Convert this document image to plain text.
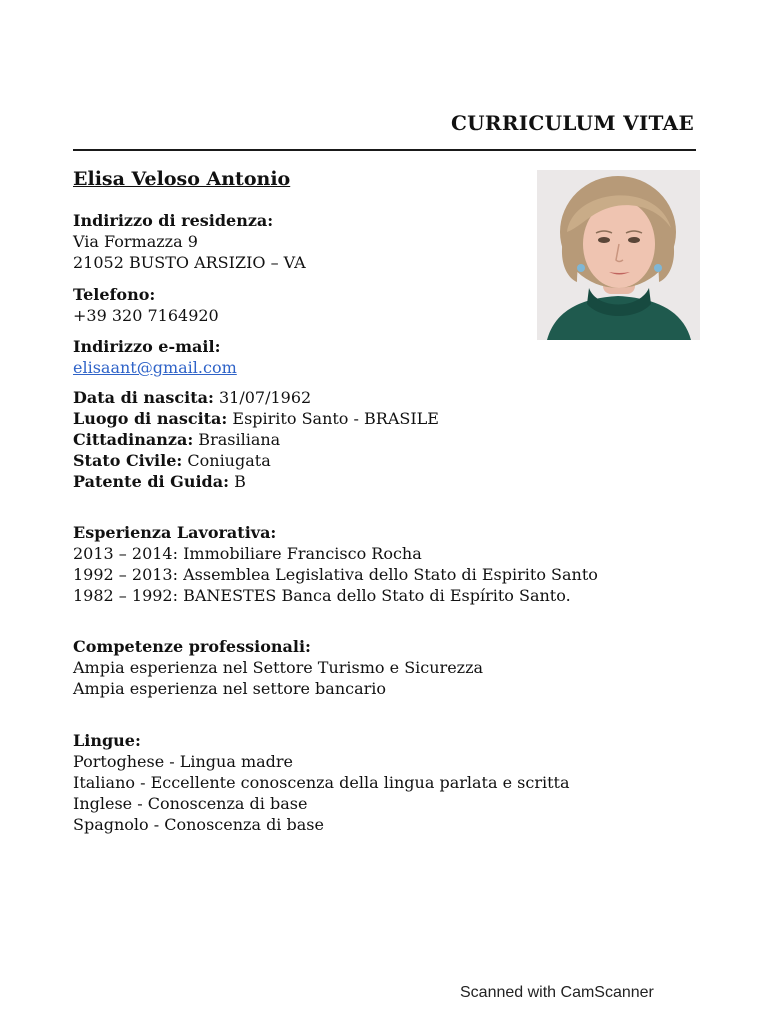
CURRICULUM VITAE
Elisa Veloso Antonio
Indirizzo di residenza:
Via Formazza 9
21052 BUSTO ARSIZIO – VA
Telefono:
+39 320 7164920
Indirizzo e-mail:
elisaant@gmail.com
Data di nascita: 31/07/1962
Luogo di nascita: Espirito Santo - BRASILE
Cittadinanza: Brasiliana
Stato Civile: Coniugata
Patente di Guida: B
Esperienza Lavorativa:
2013 – 2014: Immobiliare Francisco Rocha
1992 – 2013: Assemblea Legislativa dello Stato di Espirito Santo
1982 – 1992: BANESTES Banca dello Stato di Espírito Santo.
Competenze professionali:
Ampia esperienza nel Settore Turismo e Sicurezza
Ampia esperienza nel settore bancario
Lingue:
Portoghese - Lingua madre
Italiano - Eccellente conoscenza della lingua parlata e scritta
Inglese - Conoscenza di base
Spagnolo - Conoscenza di base
Scanned with CamScanner
